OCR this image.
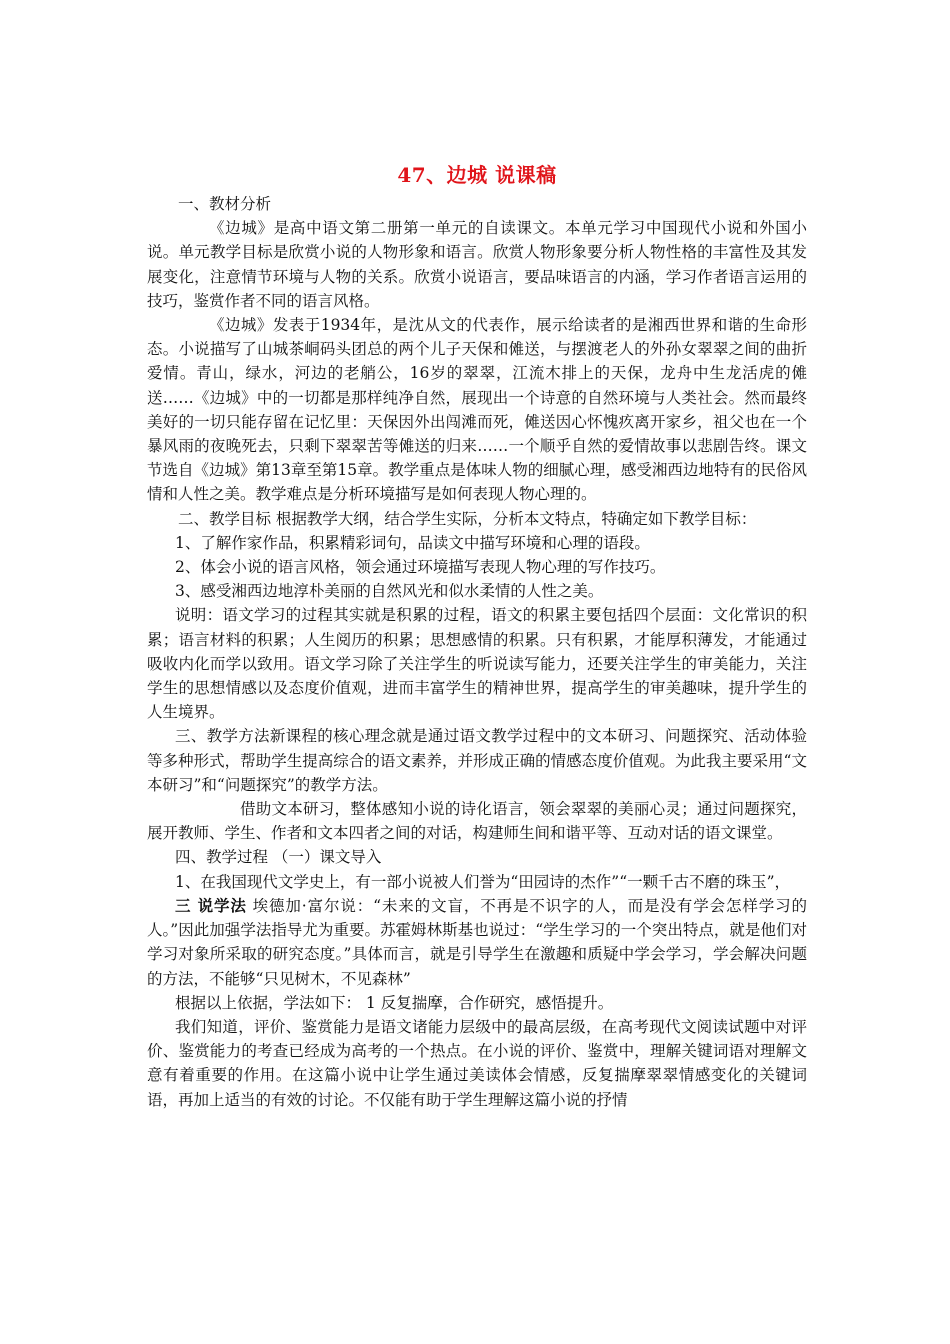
47、边城 说课稿

一、教材分析

《边城》是高中语文第二册第一单元的自读课文。本单元学习中国现代小说和外国小说。单元教学目标是欣赏小说的人物形象和语言。欣赏人物形象要分析人物性格的丰富性及其发展变化，注意情节环境与人物的关系。欣赏小说语言，要品味语言的内涵，学习作者语言运用的技巧，鉴赏作者不同的语言风格。

《边城》发表于1934年，是沈从文的代表作，展示给读者的是湘西世界和谐的生命形态。小说描写了山城茶峒码头团总的两个儿子天保和傩送，与摆渡老人的外孙女翠翠之间的曲折爱情。青山，绿水，河边的老艄公，16岁的翠翠，江流木排上的天保，龙舟中生龙活虎的傩送……《边城》中的一切都是那样纯净自然，展现出一个诗意的自然环境与人类社会。然而最终美好的一切只能存留在记忆里：天保因外出闯滩而死，傩送因心怀愧疚离开家乡，祖父也在一个暴风雨的夜晚死去，只剩下翠翠苦等傩送的归来……一个顺乎自然的爱情故事以悲剧告终。课文节选自《边城》第13章至第15章。教学重点是体味人物的细腻心理，感受湘西边地特有的民俗风情和人性之美。教学难点是分析环境描写是如何表现人物心理的。

二、教学目标 根据教学大纲，结合学生实际，分析本文特点，特确定如下教学目标：

1、了解作家作品，积累精彩词句，品读文中描写环境和心理的语段。

2、体会小说的语言风格，领会通过环境描写表现人物心理的写作技巧。

3、感受湘西边地淳朴美丽的自然风光和似水柔情的人性之美。

说明：语文学习的过程其实就是积累的过程，语文的积累主要包括四个层面：文化常识的积累；语言材料的积累；人生阅历的积累；思想感情的积累。只有积累，才能厚积薄发，才能通过吸收内化而学以致用。语文学习除了关注学生的听说读写能力，还要关注学生的审美能力，关注学生的思想情感以及态度价值观，进而丰富学生的精神世界，提高学生的审美趣味，提升学生的人生境界。

三、教学方法新课程的核心理念就是通过语文教学过程中的文本研习、问题探究、活动体验等多种形式，帮助学生提高综合的语文素养，并形成正确的情感态度价值观。为此我主要采用“文本研习”和“问题探究”的教学方法。

借助文本研习，整体感知小说的诗化语言，领会翠翠的美丽心灵；通过问题探究，展开教师、学生、作者和文本四者之间的对话，构建师生间和谐平等、互动对话的语文课堂。

四、教学过程 （一）课文导入

1、在我国现代文学史上，有一部小说被人们誉为“田园诗的杰作”“一颗千古不磨的珠玉”，

三 说学法 埃德加·富尔说：“未来的文盲，不再是不识字的人，而是没有学会怎样学习的人。”因此加强学法指导尤为重要。苏霍姆林斯基也说过：“学生学习的一个突出特点，就是他们对学习对象所采取的研究态度。”具体而言，就是引导学生在激趣和质疑中学会学习，学会解决问题的方法，不能够“只见树木，不见森林”

根据以上依据，学法如下： 1 反复揣摩，合作研究，感悟提升。

我们知道，评价、鉴赏能力是语文诸能力层级中的最高层级，在高考现代文阅读试题中对评价、鉴赏能力的考查已经成为高考的一个热点。在小说的评价、鉴赏中，理解关键词语对理解文意有着重要的作用。在这篇小说中让学生通过美读体会情感，反复揣摩翠翠情感变化的关键词语，再加上适当的有效的讨论。不仅能有助于学生理解这篇小说的抒情
